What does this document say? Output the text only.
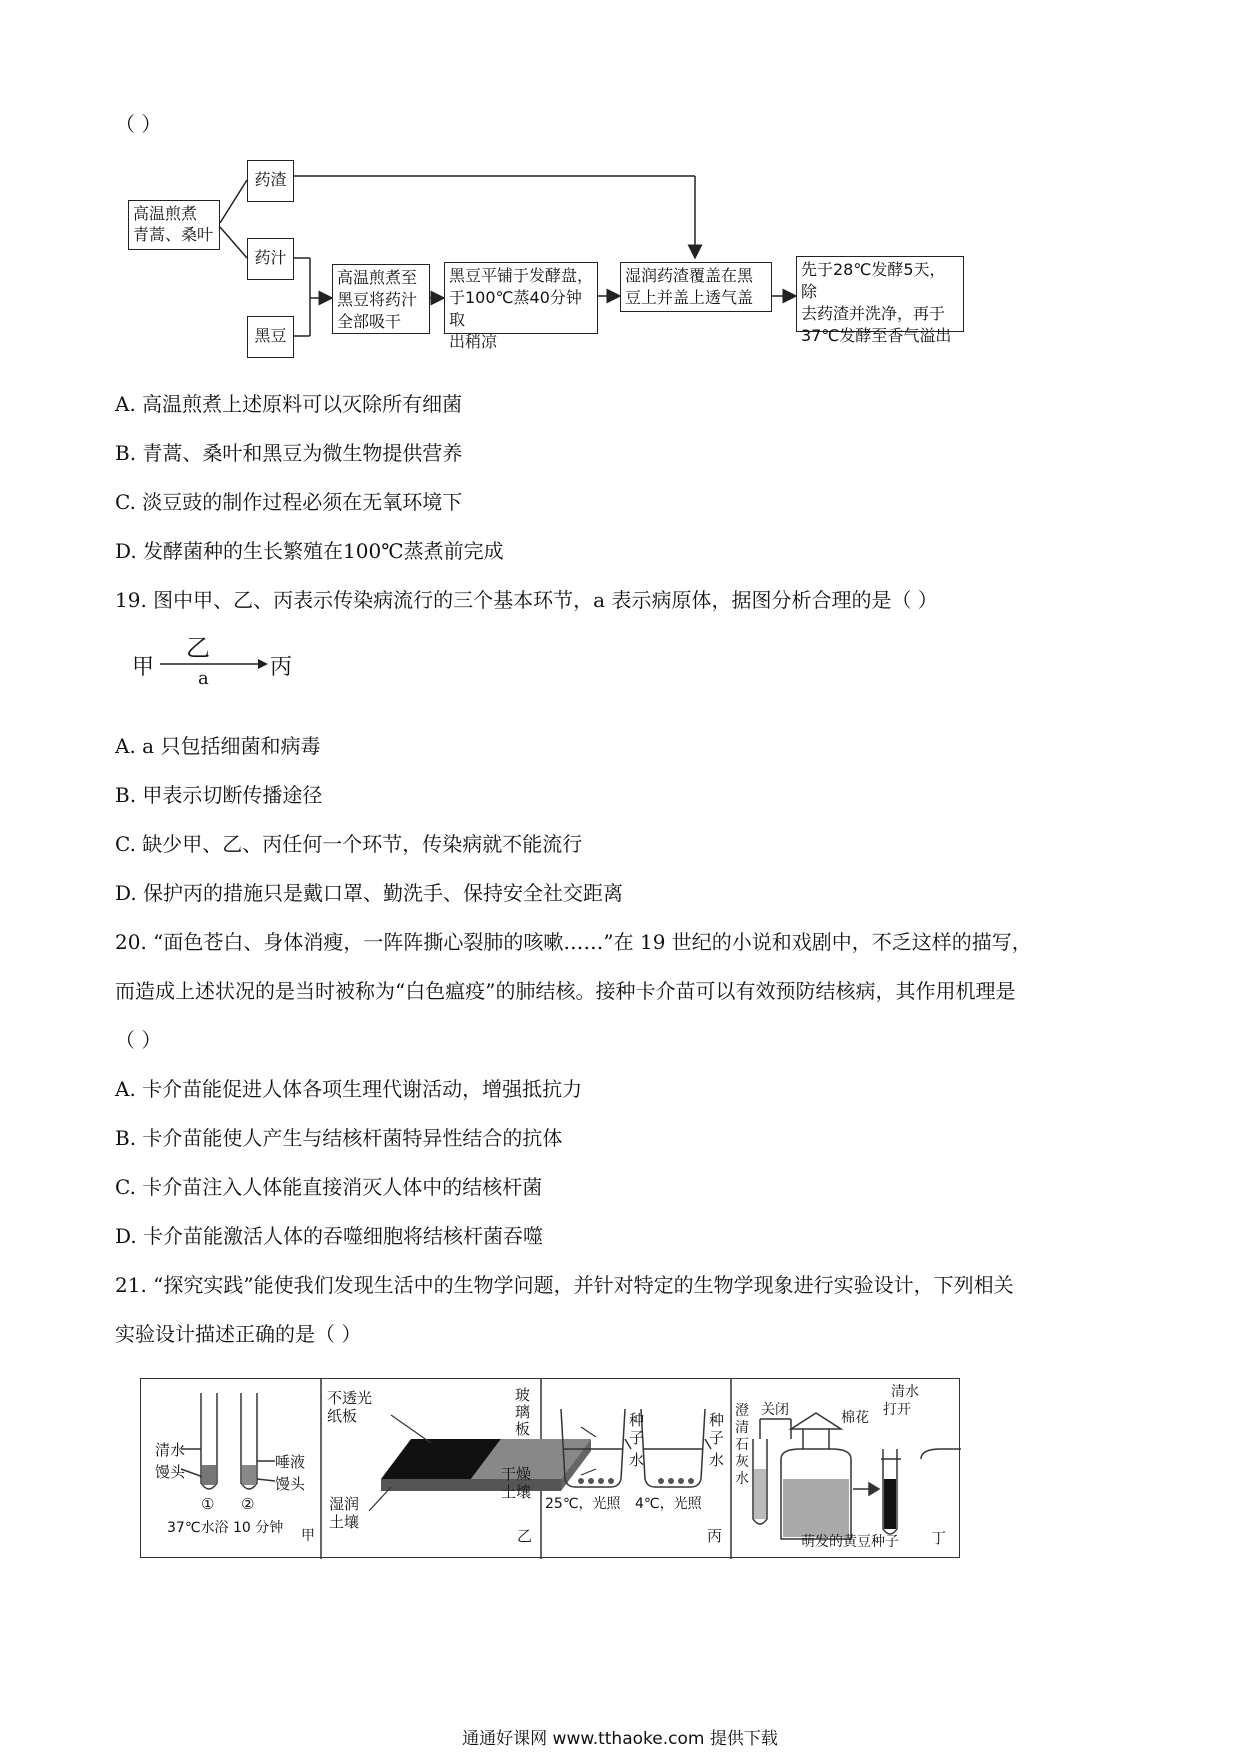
（ ）
高温煎煮
青蒿、桑叶
药渣
药汁
黑豆
高温煎煮至
黑豆将药汁
全部吸干
黑豆平铺于发酵盘，
于100℃蒸40分钟取
出稍凉
湿润药渣覆盖在黑
豆上并盖上透气盖
先于28℃发酵5天，除
去药渣并洗净，再于
37℃发酵至香气溢出
A. 高温煎煮上述原料可以灭除所有细菌
B. 青蒿、桑叶和黑豆为微生物提供营养
C. 淡豆豉的制作过程必须在无氧环境下
D. 发酵菌种的生长繁殖在100℃蒸煮前完成
19. 图中甲、乙、丙表示传染病流行的三个基本环节，a 表示病原体，据图分析合理的是（ ）
甲
乙
a	丙
A. a 只包括细菌和病毒
B. 甲表示切断传播途径
C. 缺少甲、乙、丙任何一个环节，传染病就不能流行
D. 保护丙的措施只是戴口罩、勤洗手、保持安全社交距离
20. “面色苍白、身体消瘦，一阵阵撕心裂肺的咳嗽……”在 19 世纪的小说和戏剧中，不乏这样的描写，
而造成上述状况的是当时被称为“白色瘟疫”的肺结核。接种卡介苗可以有效预防结核病，其作用机理是
（ ）
A. 卡介苗能促进人体各项生理代谢活动，增强抵抗力
B. 卡介苗能使人产生与结核杆菌特异性结合的抗体
C. 卡介苗注入人体能直接消灭人体中的结核杆菌
D. 卡介苗能激活人体的吞噬细胞将结核杆菌吞噬
21. “探究实践”能使我们发现生活中的生物学问题，并针对特定的生物学现象进行实验设计，下列相关
实验设计描述正确的是（ ）
清水
馒头
唾液
馒头
① ②
37℃水浴 10 分钟 甲
不透光
纸板
玻
璃
板
干燥
土壤
湿润
土壤
乙
种
子
水
种
子
水
25℃，光照 4℃，光照
丙
澄
清
石
灰
水
关闭	棉花
清水
打开
萌发的黄豆种子 丁
通通好课网 www.tthaoke.com 提供下载
